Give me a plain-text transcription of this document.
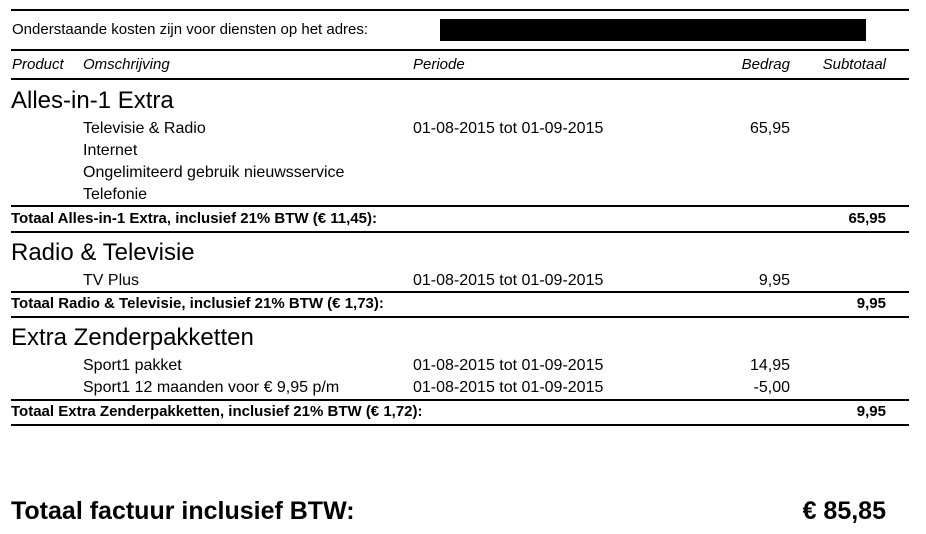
Onderstaande kosten zijn voor diensten op het adres:
Product Omschrijving	Periode	Bedrag	Subtotaal
Alles-in-1 Extra
Televisie & Radio	01-08-2015 tot 01-09-2015	65,95
Internet
Ongelimiteerd gebruik nieuwsservice
Telefonie
Totaal Alles-in-1 Extra, inclusief 21% BTW (€ 11,45):	65,95
Radio & Televisie
TV Plus	01-08-2015 tot 01-09-2015	9,95
Totaal Radio & Televisie, inclusief 21% BTW (€ 1,73):	9,95
Extra Zenderpakketten
Sport1 pakket	01-08-2015 tot 01-09-2015	14,95
Sport1 12 maanden voor € 9,95 p/m	01-08-2015 tot 01-09-2015	-5,00
Totaal Extra Zenderpakketten, inclusief 21% BTW (€ 1,72):	9,95
Totaal factuur inclusief BTW:	€ 85,85
